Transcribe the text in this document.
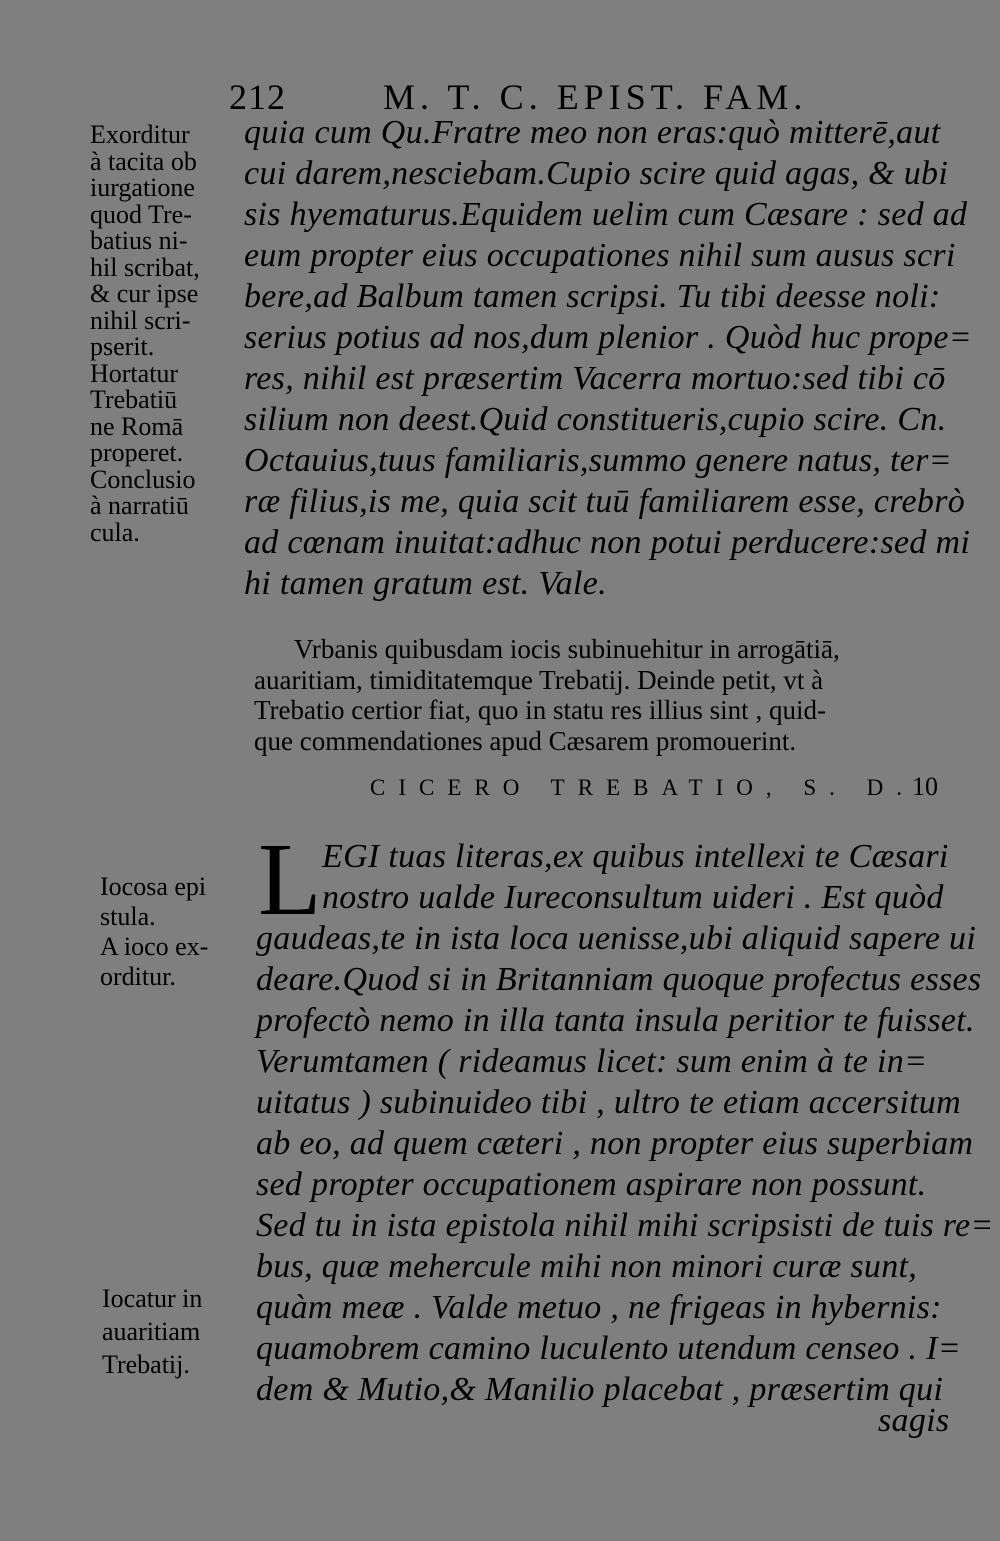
212	M. T. C. EPIST. FAM.
Exorditur
à tacita ob
iurgatione
quod Tre-
batius ni-
hil scribat,
& cur ipse
nihil scri-
pserit.
Hortatur
Trebatiū
ne Romā
properet.
Conclusio
à narratiū
cula.
quia cum Qu.Fratre meo non eras:quò mitterē,aut
cui darem,nesciebam.Cupio scire quid agas, & ubi
sis hyematurus.Equidem uelim cum Cæsare : sed ad
eum propter eius occupationes nihil sum ausus scri
bere,ad Balbum tamen scripsi. Tu tibi deesse noli:
serius potius ad nos,dum plenior . Quòd huc prope=
res, nihil est præsertim Vacerra mortuo:sed tibi cō
silium non deest.Quid constitueris,cupio scire. Cn.
Octauius,tuus familiaris,summo genere natus, ter=
ræ filius,is me, quia scit tuū familiarem esse, crebrò
ad cœnam inuitat:adhuc non potui perducere:sed mi
hi tamen gratum est. Vale.
Vrbanis quibusdam iocis subinuehitur in arrogātiā,
auaritiam, timiditatemque Trebatij. Deinde petit, vt à
Trebatio certior fiat, quo in statu res illius sint , quid-
que commendationes apud Cæsarem promouerint.
CICERO TREBATIO, S. D.
10
Iocosa epi
stula.
A ioco ex-
orditur.
Iocatur in
auaritiam
Trebatij.
L EGI tuas literas,ex quibus intellexi te Cæsari
nostro ualde Iureconsultum uideri . Est quòd
gaudeas,te in ista loca uenisse,ubi aliquid sapere ui
deare.Quod si in Britanniam quoque profectus esses
profectò nemo in illa tanta insula peritior te fuisset.
Verumtamen ( rideamus licet: sum enim à te in=
uitatus ) subinuideo tibi , ultro te etiam accersitum
ab eo, ad quem cæteri , non propter eius superbiam
sed propter occupationem aspirare non possunt.
Sed tu in ista epistola nihil mihi scripsisti de tuis re=
bus, quæ mehercule mihi non minori curæ sunt,
quàm meæ . Valde metuo , ne frigeas in hybernis:
quamobrem camino luculento utendum censeo . I=
dem & Mutio,& Manilio placebat , præsertim qui
sagis
